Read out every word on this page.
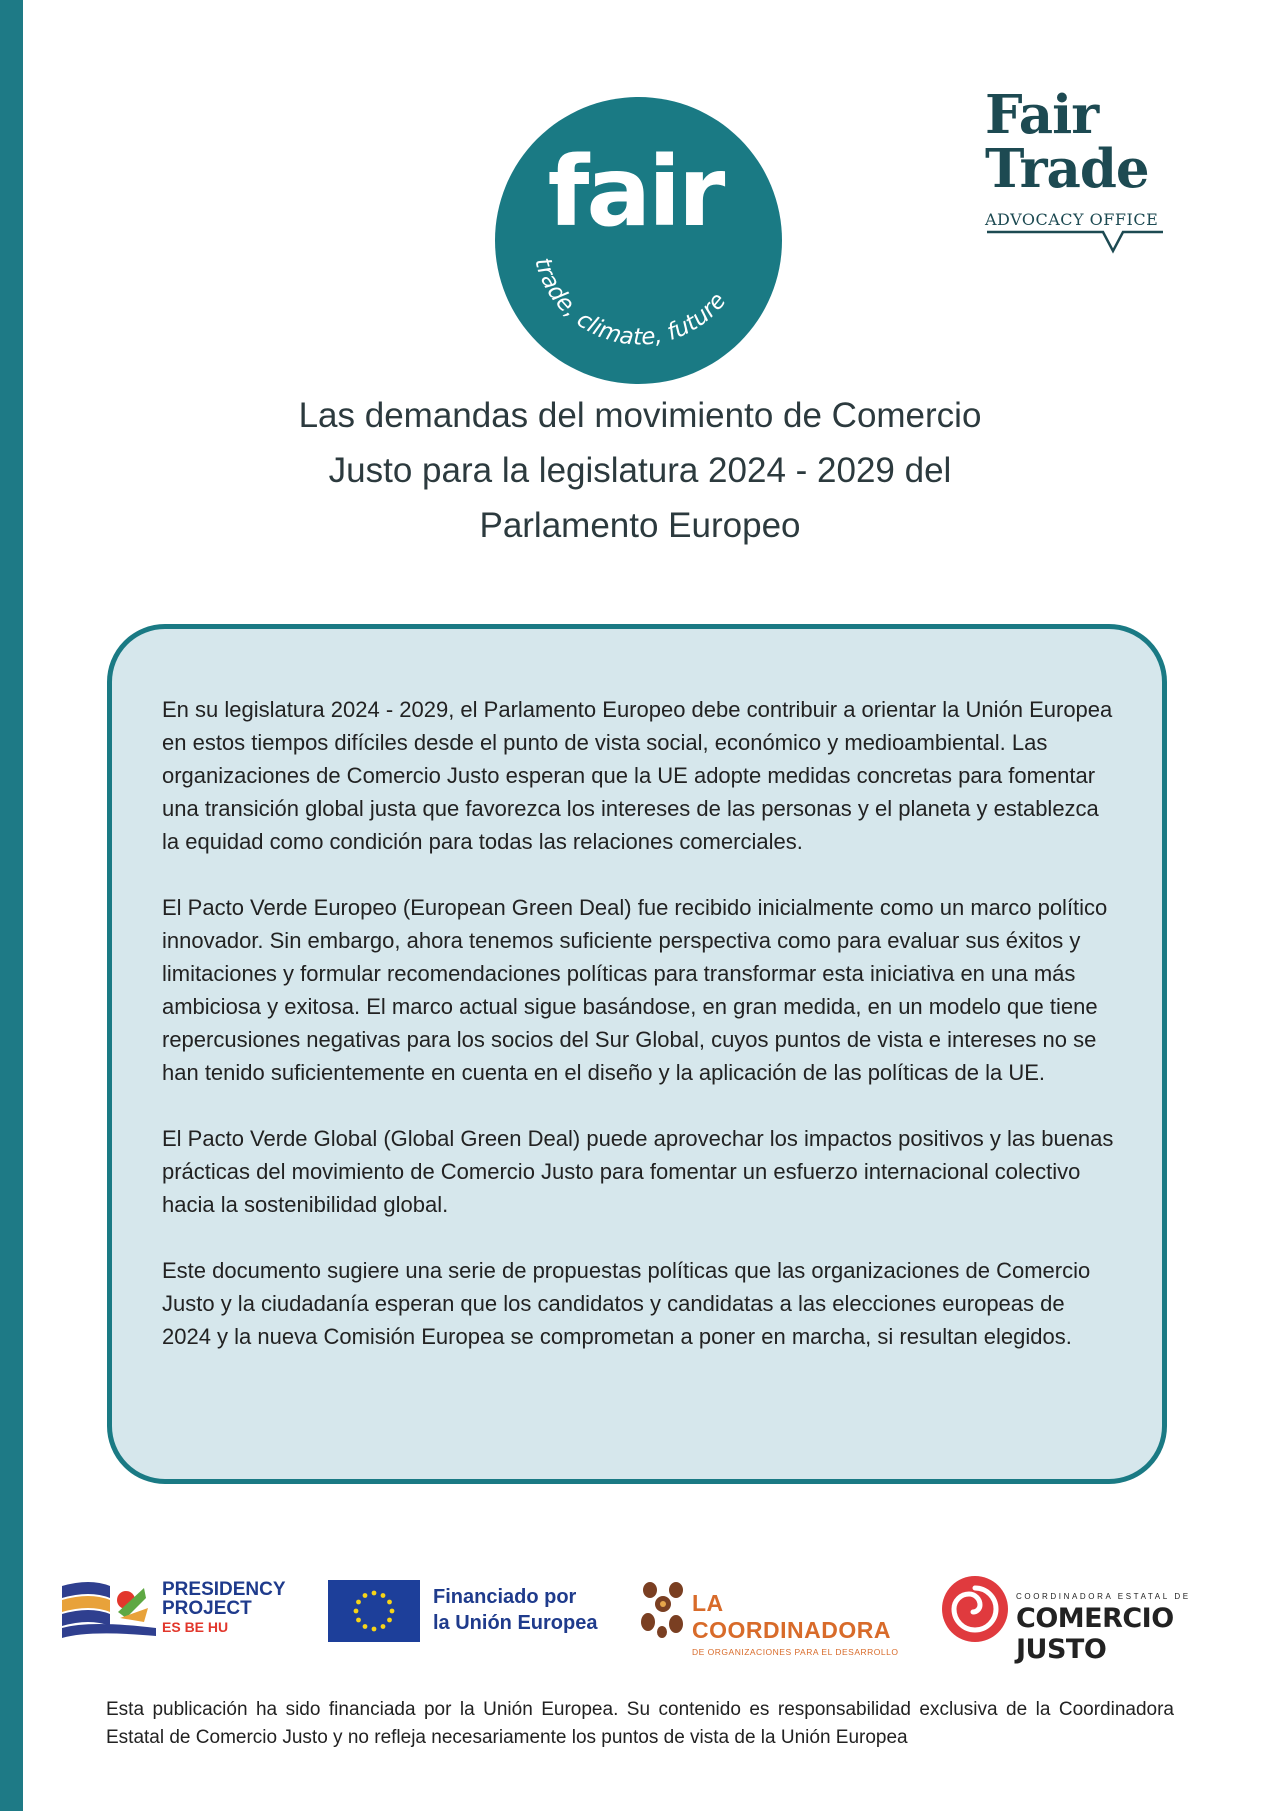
fair
trade, climate, future
Fair
Trade
ADVOCACY OFFICE
Las demandas del movimiento de Comercio
Justo para la legislatura 2024 - 2029 del
Parlamento Europeo

En su legislatura 2024 - 2029, el Parlamento Europeo debe contribuir a orientar la Unión Europea en estos tiempos difíciles desde el punto de vista social, económico y medioambiental. Las organizaciones de Comercio Justo esperan que la UE adopte medidas concretas para fomentar una transición global justa que favorezca los intereses de las personas y el planeta y establezca la equidad como condición para todas las relaciones comerciales.

El Pacto Verde Europeo (European Green Deal) fue recibido inicialmente como un marco político innovador. Sin embargo, ahora tenemos suficiente perspectiva como para evaluar sus éxitos y limitaciones y formular recomendaciones políticas para transformar esta iniciativa en una más ambiciosa y exitosa. El marco actual sigue basándose, en gran medida, en un modelo que tiene repercusiones negativas para los socios del Sur Global, cuyos puntos de vista e intereses no se han tenido suficientemente en cuenta en el diseño y la aplicación de las políticas de la UE.

El Pacto Verde Global (Global Green Deal) puede aprovechar los impactos positivos y las buenas prácticas del movimiento de Comercio Justo para fomentar un esfuerzo internacional colectivo hacia la sostenibilidad global.

Este documento sugiere una serie de propuestas políticas que las organizaciones de Comercio Justo y la ciudadanía esperan que los candidatos y candidatas a las elecciones europeas de 2024 y la nueva Comisión Europea se comprometan a poner en marcha, si resultan elegidos.

PRESIDENCY
PROJECT
ES BE HU
Financiado por
la Unión Europea
LA COORDINADORA
DE ORGANIZACIONES PARA EL DESARROLLO
COORDINADORA ESTATAL DE
COMERCIO JUSTO

Esta publicación ha sido financiada por la Unión Europea. Su contenido es responsabilidad exclusiva de la Coordinadora Estatal de Comercio Justo y no refleja necesariamente los puntos de vista de la Unión Europea
